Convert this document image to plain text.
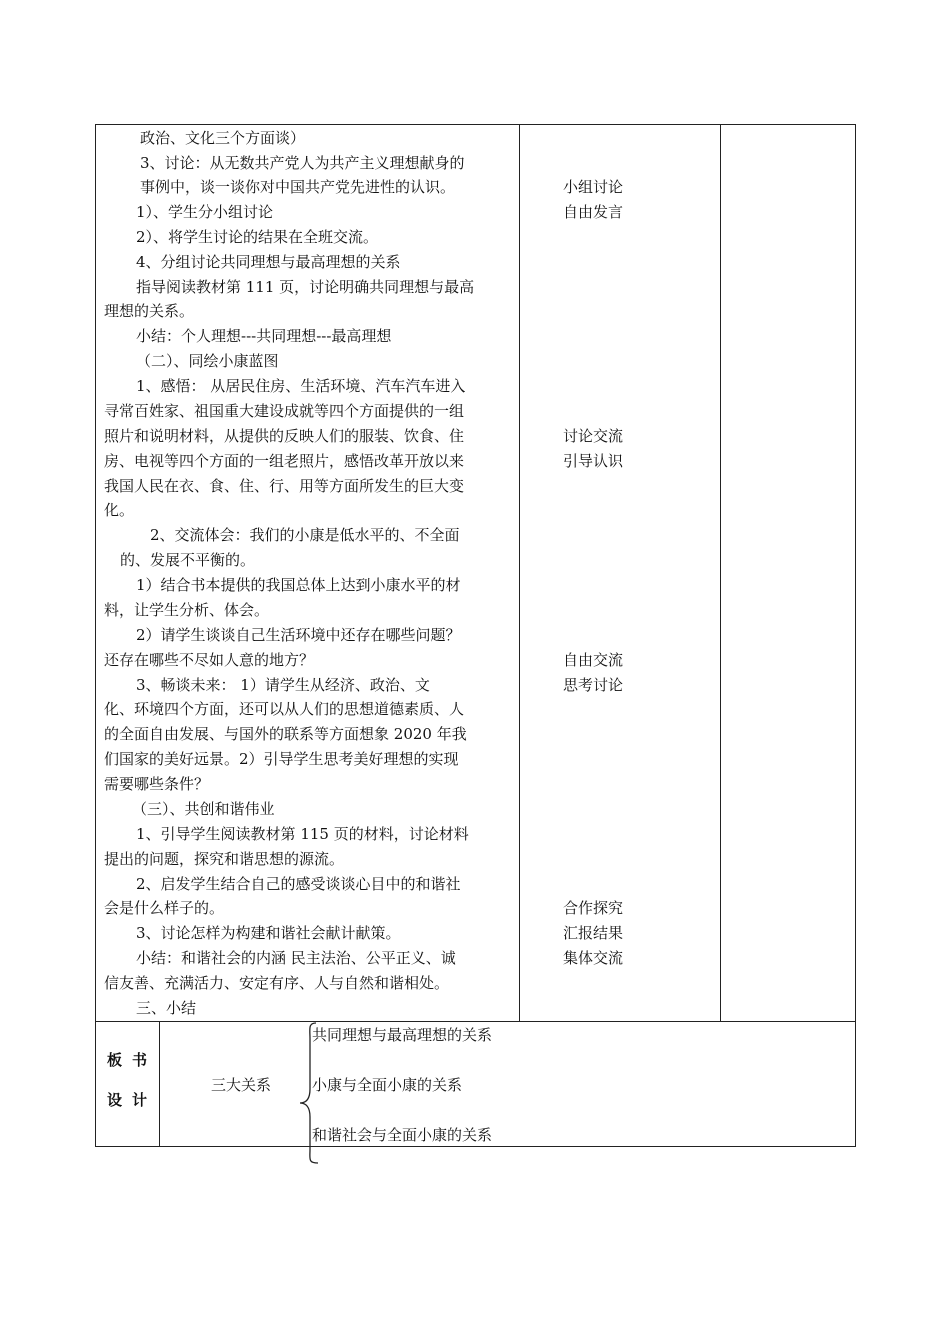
政治、文化三个方面谈）
3、讨论：从无数共产党人为共产主义理想献身的
事例中，谈一谈你对中国共产党先进性的认识。
1）、学生分小组讨论
2）、将学生讨论的结果在全班交流。
4、分组讨论共同理想与最高理想的关系
指导阅读教材第 111 页，讨论明确共同理想与最高
理想的关系。
小结：个人理想---共同理想---最高理想
（二）、同绘小康蓝图
1、感悟： 从居民住房、生活环境、汽车汽车进入
寻常百姓家、祖国重大建设成就等四个方面提供的一组
照片和说明材料，从提供的反映人们的服装、饮食、住
房、电视等四个方面的一组老照片，感悟改革开放以来
我国人民在衣、食、住、行、用等方面所发生的巨大变
化。
2、交流体会：我们的小康是低水平的、不全面
的、发展不平衡的。
1）结合书本提供的我国总体上达到小康水平的材
料，让学生分析、体会。
2）请学生谈谈自己生活环境中还存在哪些问题？
还存在哪些不尽如人意的地方？
3、畅谈未来： 1）请学生从经济、政治、文
化、环境四个方面，还可以从人们的思想道德素质、人
的全面自由发展、与国外的联系等方面想象 2020 年我
们国家的美好远景。2）引导学生思考美好理想的实现
需要哪些条件？
（三）、共创和谐伟业
1、引导学生阅读教材第 115 页的材料，讨论材料
提出的问题，探究和谐思想的源流。
2、启发学生结合自己的感受谈谈心目中的和谐社
会是什么样子的。
3、讨论怎样为构建和谐社会献计献策。
小结：和谐社会的内涵 民主法治、公平正义、诚
信友善、充满活力、安定有序、人与自然和谐相处。
三、小结
小组讨论
自由发言
讨论交流
引导认识
自由交流
思考讨论
合作探究
汇报结果
集体交流
板书
设计
三大关系
共同理想与最高理想的关系
小康与全面小康的关系
和谐社会与全面小康的关系
